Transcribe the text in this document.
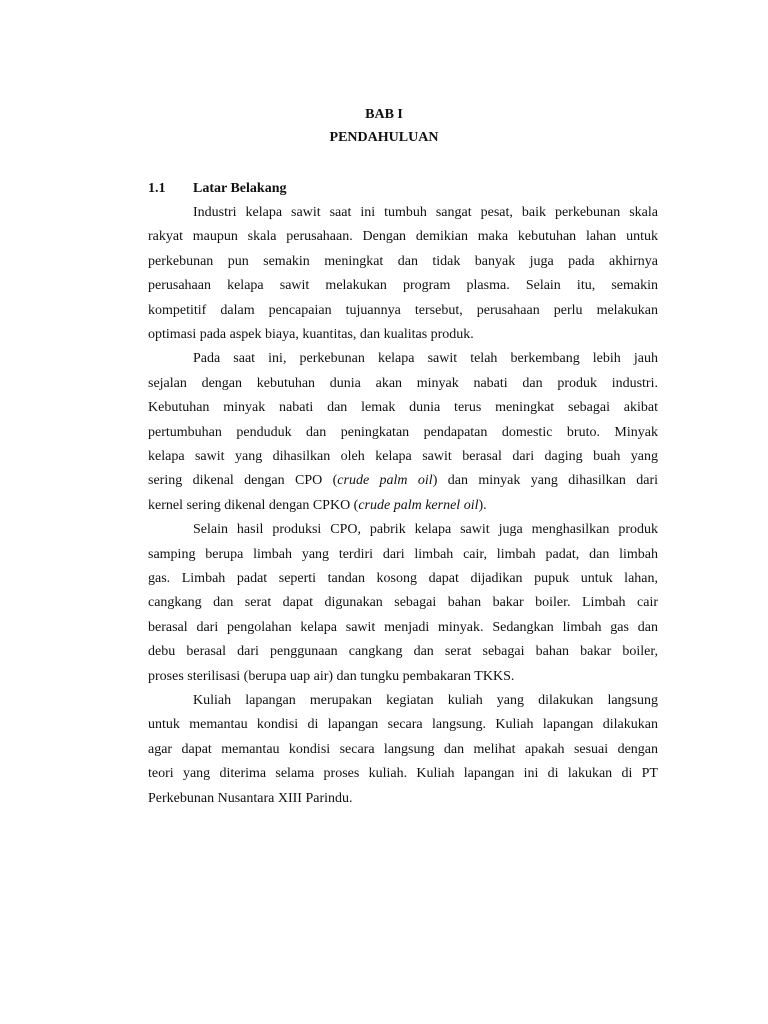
BAB I
PENDAHULUAN
1.1 Latar Belakang
Industri kelapa sawit saat ini tumbuh sangat pesat, baik perkebunan skala
rakyat maupun skala perusahaan. Dengan demikian maka kebutuhan lahan untuk
perkebunan pun semakin meningkat dan tidak banyak juga pada akhirnya
perusahaan kelapa sawit melakukan program plasma. Selain itu, semakin
kompetitif dalam pencapaian tujuannya tersebut, perusahaan perlu melakukan
optimasi pada aspek biaya, kuantitas, dan kualitas produk.
Pada saat ini, perkebunan kelapa sawit telah berkembang lebih jauh
sejalan dengan kebutuhan dunia akan minyak nabati dan produk industri.
Kebutuhan minyak nabati dan lemak dunia terus meningkat sebagai akibat
pertumbuhan penduduk dan peningkatan pendapatan domestic bruto. Minyak
kelapa sawit yang dihasilkan oleh kelapa sawit berasal dari daging buah yang
sering dikenal dengan CPO (crude palm oil) dan minyak yang dihasilkan dari
kernel sering dikenal dengan CPKO (crude palm kernel oil).
Selain hasil produksi CPO, pabrik kelapa sawit juga menghasilkan produk
samping berupa limbah yang terdiri dari limbah cair, limbah padat, dan limbah
gas. Limbah padat seperti tandan kosong dapat dijadikan pupuk untuk lahan,
cangkang dan serat dapat digunakan sebagai bahan bakar boiler. Limbah cair
berasal dari pengolahan kelapa sawit menjadi minyak. Sedangkan limbah gas dan
debu berasal dari penggunaan cangkang dan serat sebagai bahan bakar boiler,
proses sterilisasi (berupa uap air) dan tungku pembakaran TKKS.
Kuliah lapangan merupakan kegiatan kuliah yang dilakukan langsung
untuk memantau kondisi di lapangan secara langsung. Kuliah lapangan dilakukan
agar dapat memantau kondisi secara langsung dan melihat apakah sesuai dengan
teori yang diterima selama proses kuliah. Kuliah lapangan ini di lakukan di PT
Perkebunan Nusantara XIII Parindu.
